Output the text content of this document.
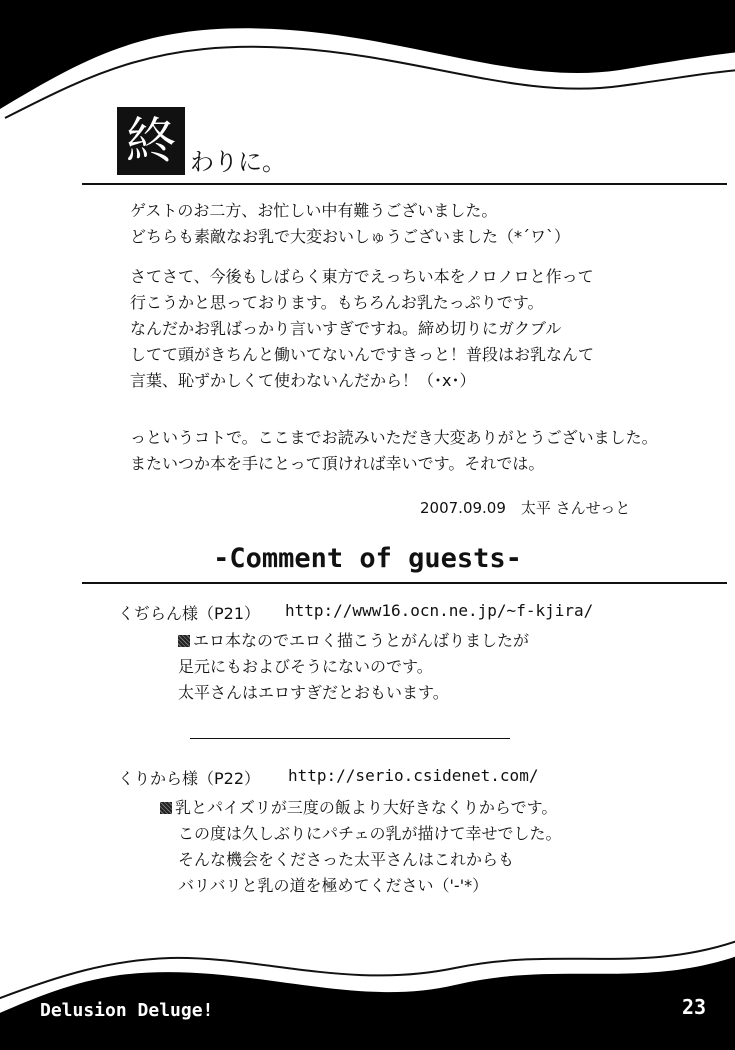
終 わりに。
ゲストのお二方、お忙しい中有難うございました。
どちらも素敵なお乳で大変おいしゅうございました（*´ワ`）
さてさて、今後もしばらく東方でえっちい本をノロノロと作って
行こうかと思っております。もちろんお乳たっぷりです。
なんだかお乳ばっかり言いすぎですね。締め切りにガクブル
してて頭がきちんと働いてないんですきっと！普段はお乳なんて
言葉、恥ずかしくて使わないんだから！（･x･）
っというコトで。ここまでお読みいただき大変ありがとうございました。
またいつか本を手にとって頂ければ幸いです。それでは。
2007.09.09　太平 さんせっと
-Comment of guests-
くぢらん様（P21） http://www16.ocn.ne.jp/~f-kjira/
エロ本なのでエロく描こうとがんばりましたが
足元にもおよびそうにないのです。
太平さんはエロすぎだとおもいます。
くりから様（P22） http://serio.csidenet.com/
乳とパイズリが三度の飯より大好きなくりからです。
この度は久しぶりにパチェの乳が描けて幸せでした。
そんな機会をくださった太平さんはこれからも
バリバリと乳の道を極めてください（'-'*）
Delusion Deluge!	23
